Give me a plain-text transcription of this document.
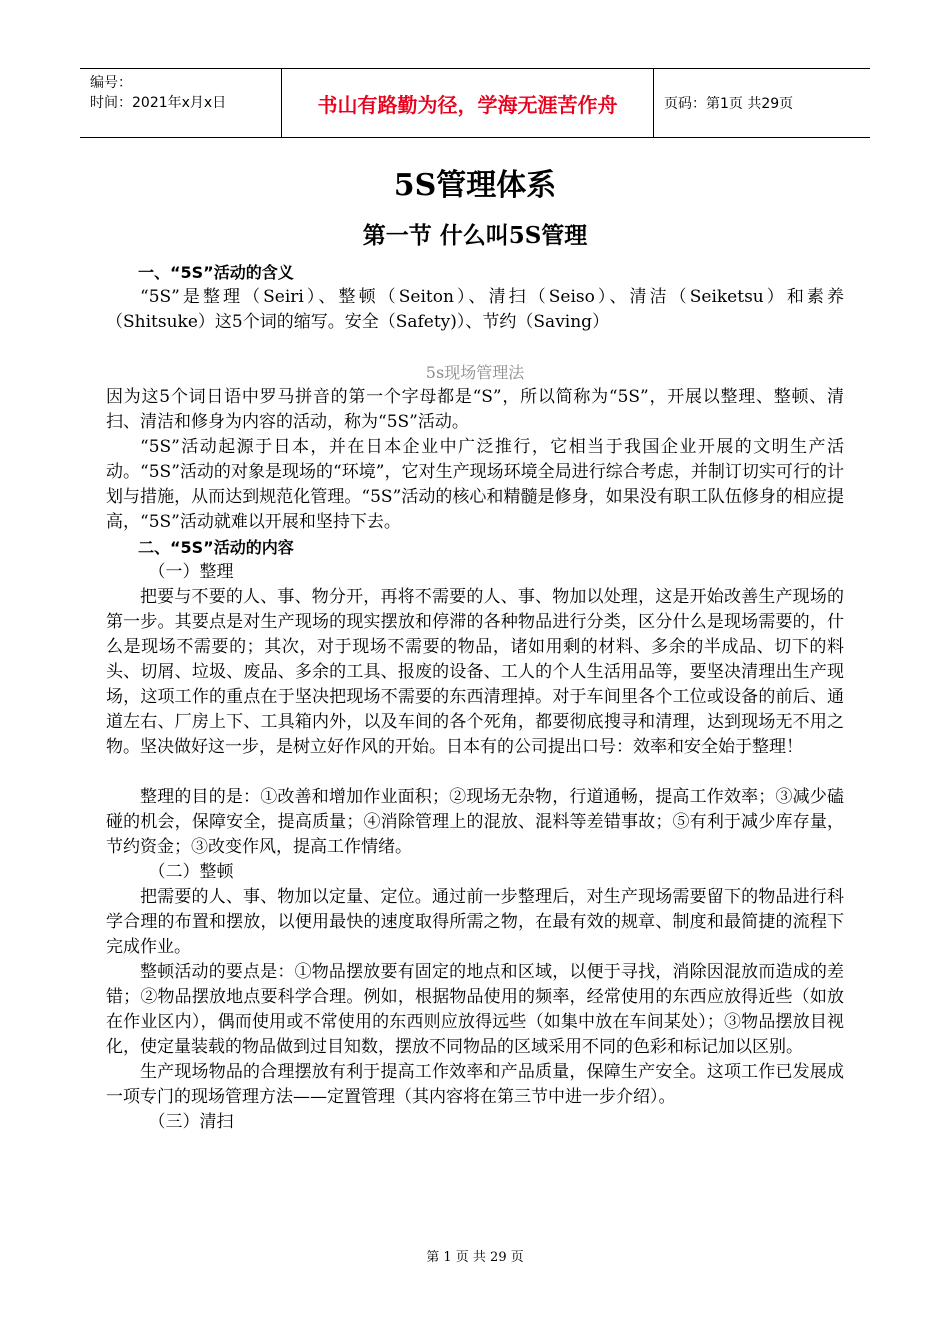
编号：
时间：2021年x月x日	书山有路勤为径，学海无涯苦作舟	页码：第1页 共29页
5S管理体系
第一节 什么叫5S管理

一、“5S”活动的含义

“5S”是整理（Seiri）、整顿（Seiton）、清扫（Seiso）、清洁（Seiketsu）和素养（Shitsuke）这5个词的缩写。安全（Safety)）、节约（Saving）

5s现场管理法

因为这5个词日语中罗马拼音的第一个字母都是“S”，所以简称为“5S”，开展以整理、整顿、清扫、清洁和修身为内容的活动，称为“5S”活动。

“5S”活动起源于日本，并在日本企业中广泛推行，它相当于我国企业开展的文明生产活动。“5S”活动的对象是现场的“环境”，它对生产现场环境全局进行综合考虑，并制订切实可行的计划与措施，从而达到规范化管理。“5S”活动的核心和精髓是修身，如果没有职工队伍修身的相应提高，“5S”活动就难以开展和坚持下去。

二、“5S”活动的内容

（一）整理

把要与不要的人、事、物分开，再将不需要的人、事、物加以处理，这是开始改善生产现场的第一步。其要点是对生产现场的现实摆放和停滞的各种物品进行分类，区分什么是现场需要的，什么是现场不需要的；其次，对于现场不需要的物品，诸如用剩的材料、多余的半成品、切下的料头、切屑、垃圾、废品、多余的工具、报废的设备、工人的个人生活用品等，要坚决清理出生产现场，这项工作的重点在于坚决把现场不需要的东西清理掉。对于车间里各个工位或设备的前后、通道左右、厂房上下、工具箱内外，以及车间的各个死角，都要彻底搜寻和清理，达到现场无不用之物。坚决做好这一步，是树立好作风的开始。日本有的公司提出口号：效率和安全始于整理！

整理的目的是：①改善和增加作业面积；②现场无杂物，行道通畅，提高工作效率；③减少磕碰的机会，保障安全，提高质量；④消除管理上的混放、混料等差错事故；⑤有利于减少库存量，节约资金；③改变作风，提高工作情绪。

（二）整顿

把需要的人、事、物加以定量、定位。通过前一步整理后，对生产现场需要留下的物品进行科学合理的布置和摆放，以便用最快的速度取得所需之物，在最有效的规章、制度和最简捷的流程下完成作业。

整顿活动的要点是：①物品摆放要有固定的地点和区域，以便于寻找，消除因混放而造成的差错；②物品摆放地点要科学合理。例如，根据物品使用的频率，经常使用的东西应放得近些（如放在作业区内），偶而使用或不常使用的东西则应放得远些（如集中放在车间某处）；③物品摆放目视化，使定量装载的物品做到过目知数，摆放不同物品的区域采用不同的色彩和标记加以区别。

生产现场物品的合理摆放有利于提高工作效率和产品质量，保障生产安全。这项工作已发展成一项专门的现场管理方法——定置管理（其内容将在第三节中进一步介绍）。

（三）清扫

第 1 页 共 29 页
